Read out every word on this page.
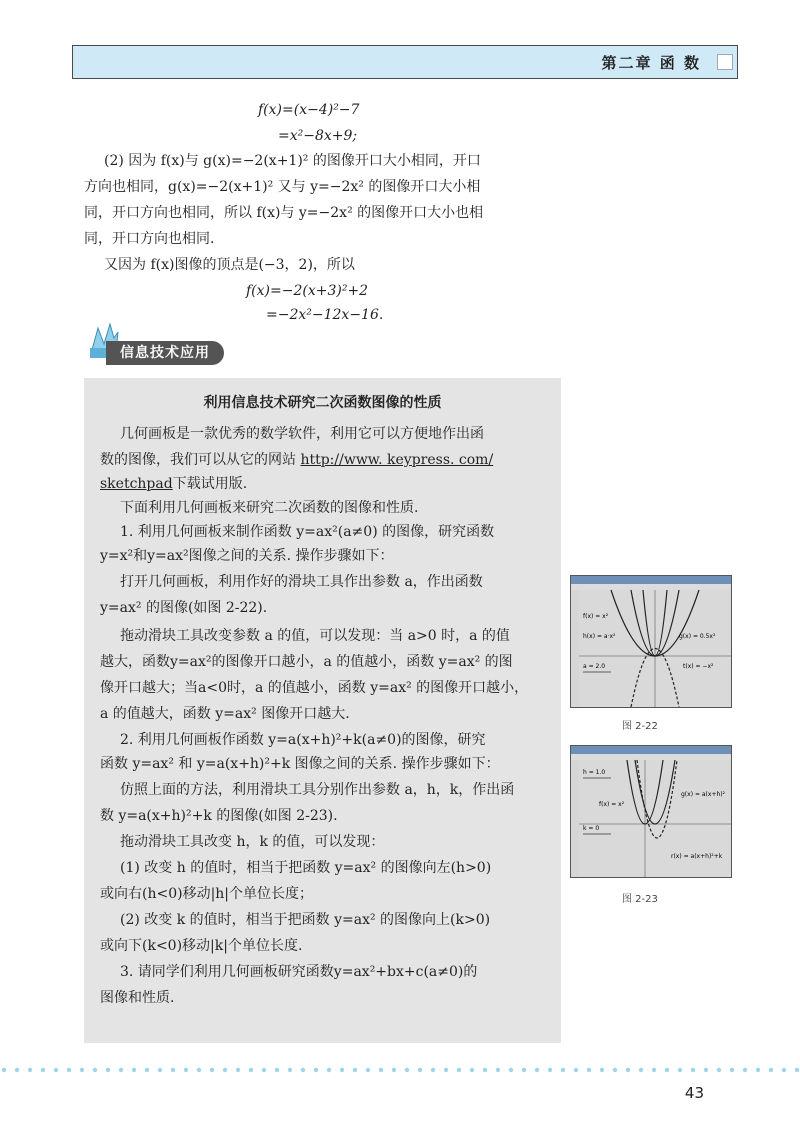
第二章 函 数
f(x)=(x−4)²−7
=x²−8x+9;
(2) 因为 f(x)与 g(x)=−2(x+1)² 的图像开口大小相同，开口
方向也相同，g(x)=−2(x+1)² 又与 y=−2x² 的图像开口大小相
同，开口方向也相同，所以 f(x)与 y=−2x² 的图像开口大小也相
同，开口方向也相同.
又因为 f(x)图像的顶点是(−3，2)，所以
f(x)=−2(x+3)²+2
=−2x²−12x−16.
信息技术应用
利用信息技术研究二次函数图像的性质
几何画板是一款优秀的数学软件，利用它可以方便地作出函
数的图像，我们可以从它的网站 http://www. keypress. com/
sketchpad下载试用版.
下面利用几何画板来研究二次函数的图像和性质.
1. 利用几何画板来制作函数 y=ax²(a≠0) 的图像，研究函数
y=x²和y=ax²图像之间的关系. 操作步骤如下：
打开几何画板，利用作好的滑块工具作出参数 a，作出函数
y=ax² 的图像(如图 2-22).
拖动滑块工具改变参数 a 的值，可以发现：当 a>0 时，a 的值
越大，函数y=ax²的图像开口越小，a 的值越小，函数 y=ax² 的图
像开口越大；当a<0时，a 的值越小，函数 y=ax² 的图像开口越小，
a 的值越大，函数 y=ax² 图像开口越大.
2. 利用几何画板作函数 y=a(x+h)²+k(a≠0)的图像，研究
函数 y=ax² 和 y=a(x+h)²+k 图像之间的关系. 操作步骤如下：
仿照上面的方法，利用滑块工具分别作出参数 a，h，k，作出函
数 y=a(x+h)²+k 的图像(如图 2-23).
拖动滑块工具改变 h，k 的值，可以发现：
(1) 改变 h 的值时，相当于把函数 y=ax² 的图像向左(h>0)
或向右(h<0)移动|h|个单位长度；
(2) 改变 k 的值时，相当于把函数 y=ax² 的图像向上(k>0)
或向下(k<0)移动|k|个单位长度.
3. 请同学们利用几何画板研究函数y=ax²+bx+c(a≠0)的
图像和性质.
f(x) = x²
h(x) = a·x²	g(x) = 0.5x²
a = 2.0	t(x) = −x²
图 2-22
h = 1.0
g(x) = a(x+h)²
f(x) = x²
k = 0
r(x) = a(x+h)²+k
图 2-23
43
